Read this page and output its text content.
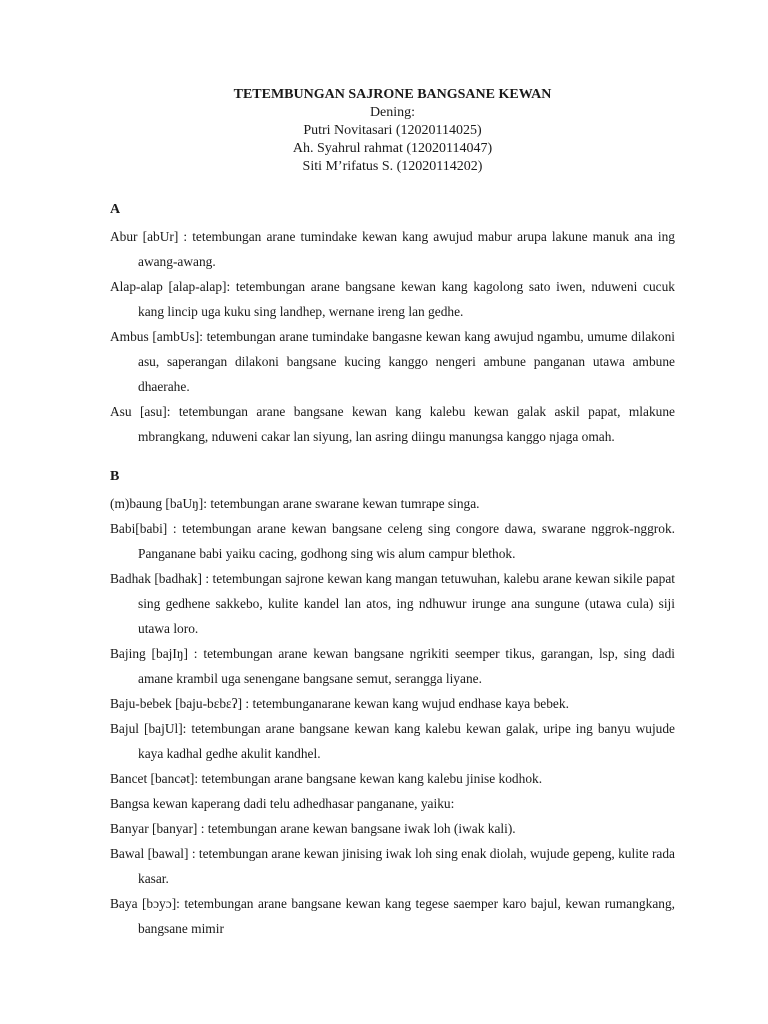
TETEMBUNGAN SAJRONE BANGSANE KEWAN
Dening:
Putri Novitasari (12020114025)
Ah. Syahrul rahmat (12020114047)
Siti M’rifatus S. (12020114202)
A

Abur [abUr] : tetembungan arane tumindake kewan kang awujud mabur arupa lakune manuk ana ing awang-awang.

Alap-alap [alap-alap]: tetembungan arane bangsane kewan kang kagolong sato iwen, nduweni cucuk kang lincip uga kuku sing landhep, wernane ireng lan gedhe.

Ambus [ambUs]: tetembungan arane tumindake bangasne kewan kang awujud ngambu, umume dilakoni asu, saperangan dilakoni bangsane kucing kanggo nengeri ambune panganan utawa ambune dhaerahe.

Asu [asu]: tetembungan arane bangsane kewan kang kalebu kewan galak askil papat, mlakune mbrangkang, nduweni cakar lan siyung, lan asring diingu manungsa kanggo njaga omah.

B

(m)baung [baUŋ]: tetembungan arane swarane kewan tumrape singa.

Babi[babi] : tetembungan arane kewan bangsane celeng sing congore dawa, swarane nggrok-nggrok. Panganane babi yaiku cacing, godhong sing wis alum campur blethok.

Badhak [badhak] : tetembungan sajrone kewan kang mangan tetuwuhan, kalebu arane kewan sikile papat sing gedhene sakkebo, kulite kandel lan atos, ing ndhuwur irunge ana sungune (utawa cula) siji utawa loro.

Bajing [bajIŋ] : tetembungan arane kewan bangsane ngrikiti seemper tikus, garangan, lsp, sing dadi amane krambil uga senengane bangsane semut, serangga liyane.

Baju-bebek [baju-bɛbɛʔ] : tetembunganarane kewan kang wujud endhase kaya bebek.

Bajul [bajUl]: tetembungan arane bangsane kewan kang kalebu kewan galak, uripe ing banyu wujude kaya kadhal gedhe akulit kandhel.

Bancet [bancət]: tetembungan arane bangsane kewan kang kalebu jinise kodhok.

Bangsa kewan kaperang dadi telu adhedhasar panganane, yaiku:

Banyar [banyar] : tetembungan arane kewan bangsane iwak loh (iwak kali).

Bawal [bawal] : tetembungan arane kewan jinising iwak loh sing enak diolah, wujude gepeng, kulite rada kasar.

Baya [bɔyɔ]: tetembungan arane bangsane kewan kang tegese saemper karo bajul, kewan rumangkang, bangsane mimir
